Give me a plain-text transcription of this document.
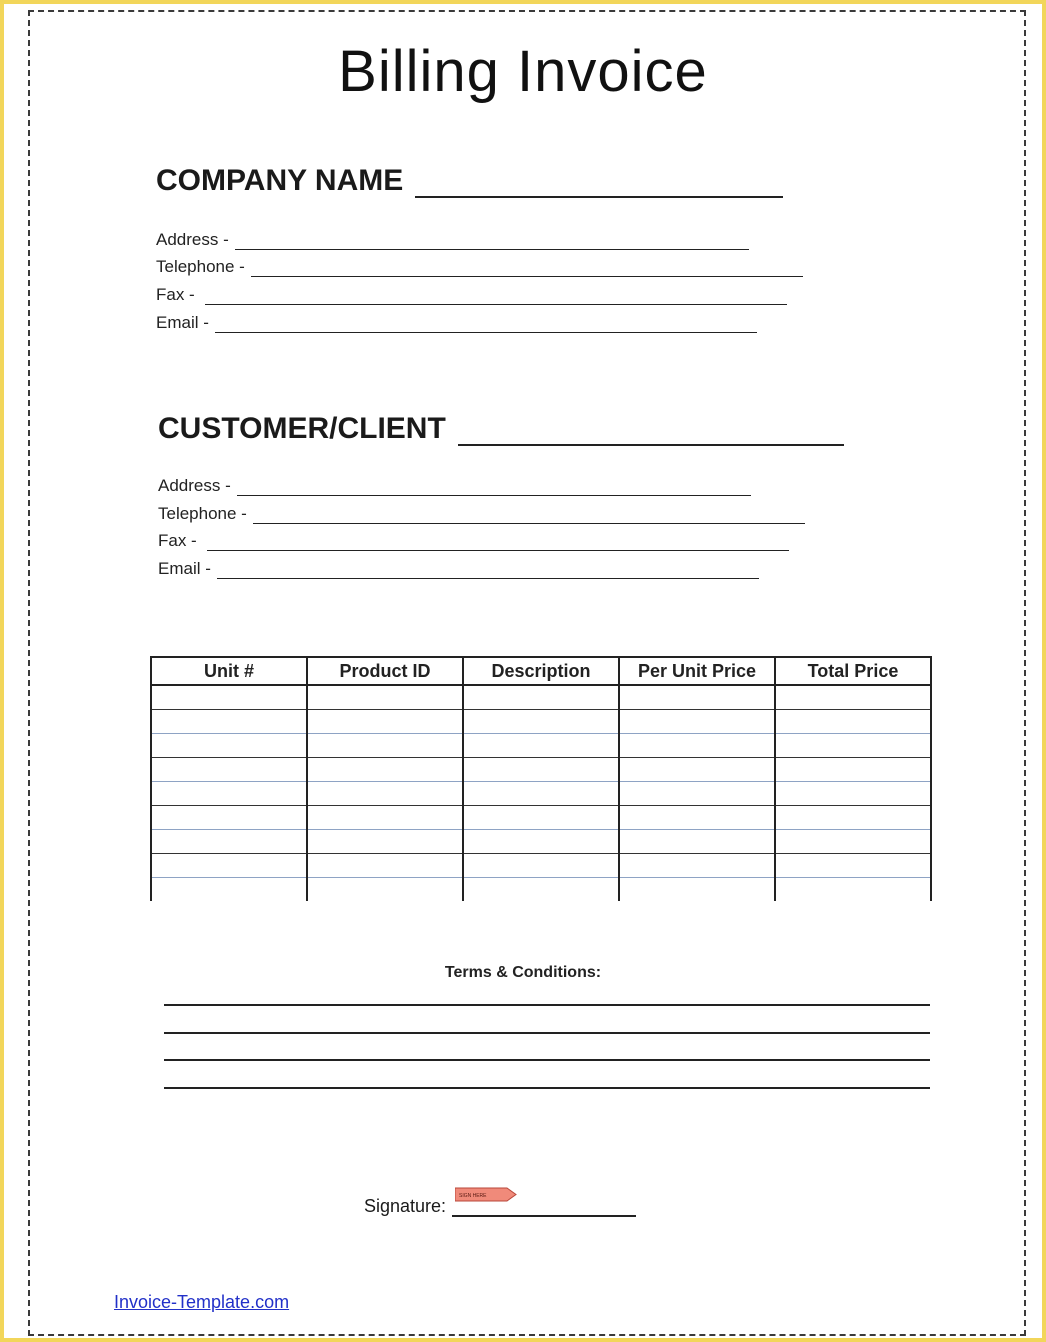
Billing Invoice
COMPANY NAME
Address -
Telephone -
Fax -
Email -
CUSTOMER/CLIENT
Address -
Telephone -
Fax -
Email -
Unit #	Product ID	Description	Per Unit Price	Total Price

Terms & Conditions:
Signature:	SIGN HERE
Invoice-Template.com
